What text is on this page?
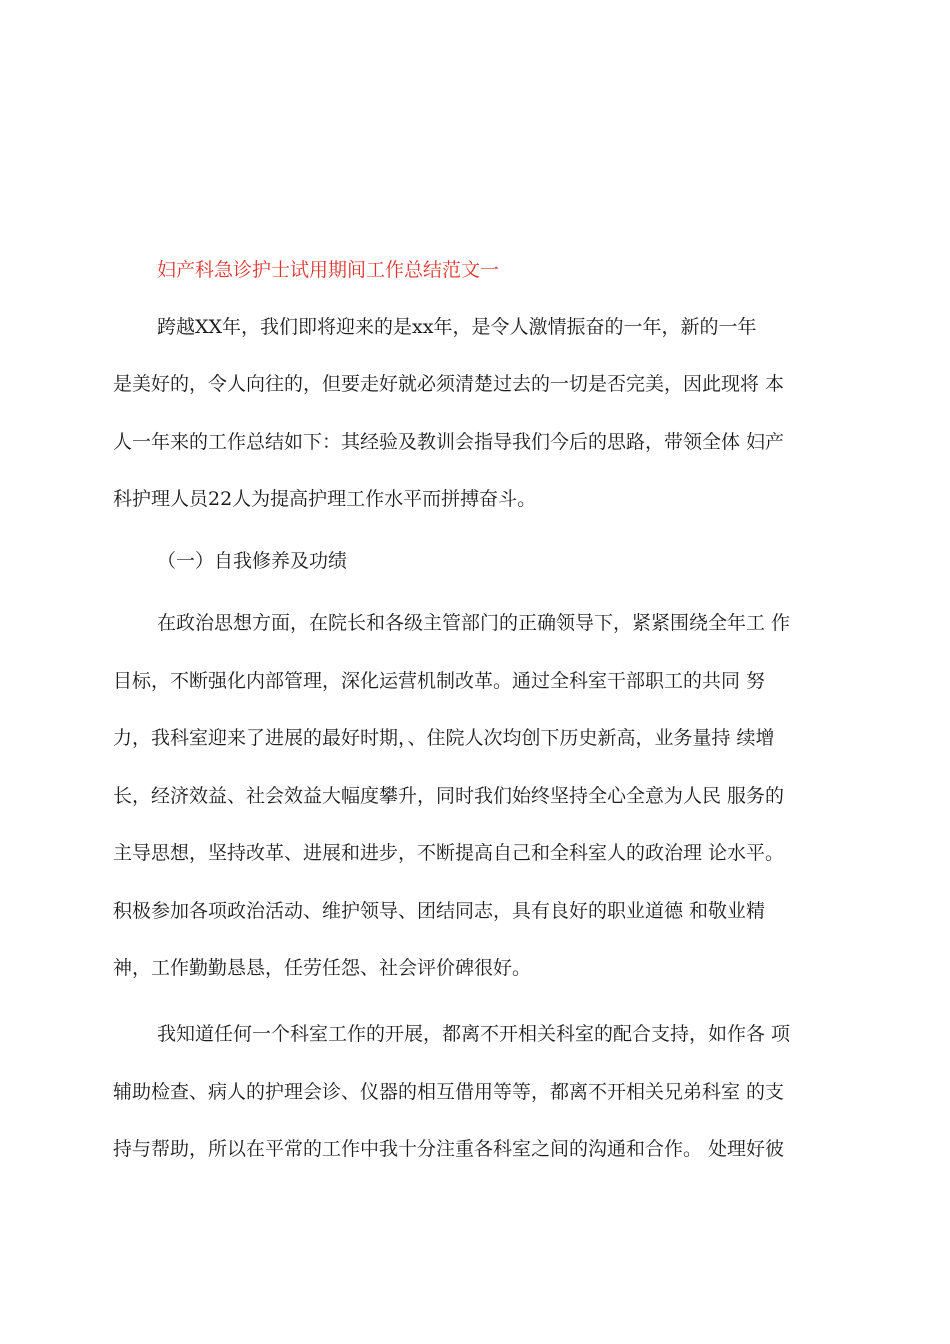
妇产科急诊护士试用期间工作总结范文一
跨越XX年，我们即将迎来的是xx年，是令人激情振奋的一年，新的一年
是美好的，令人向往的，但要走好就必须清楚过去的一切是否完美，因此现将 本
人一年来的工作总结如下：其经验及教训会指导我们今后的思路，带领全体 妇产
科护理人员22人为提高护理工作水平而拼搏奋斗。
（一）自我修养及功绩
在政治思想方面，在院长和各级主管部门的正确领导下，紧紧围绕全年工 作
目标，不断强化内部管理，深化运营机制改革。通过全科室干部职工的共同 努
力，我科室迎来了进展的最好时期，、住院人次均创下历史新高，业务量持 续增
长，经济效益、社会效益大幅度攀升，同时我们始终坚持全心全意为人民 服务的
主导思想，坚持改革、进展和进步，不断提高自己和全科室人的政治理 论水平。
积极参加各项政治活动、维护领导、团结同志，具有良好的职业道德 和敬业精
神，工作勤勤恳恳，任劳任怨、社会评价碑很好。
我知道任何一个科室工作的开展，都离不开相关科室的配合支持，如作各 项
辅助检查、病人的护理会诊、仪器的相互借用等等，都离不开相关兄弟科室 的支
持与帮助，所以在平常的工作中我十分注重各科室之间的沟通和合作。 处理好彼
